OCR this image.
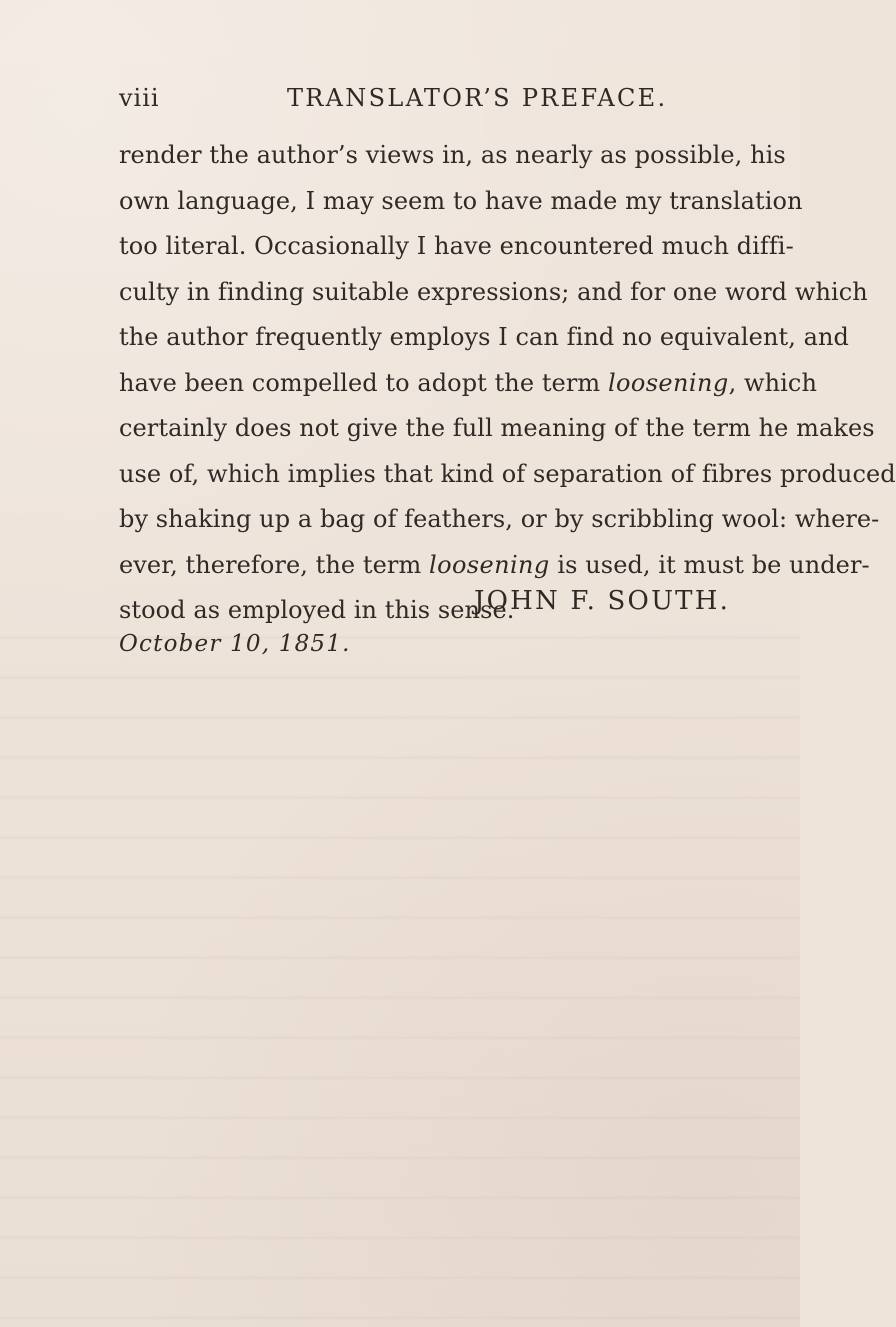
viii	TRANSLATOR’S PREFACE.
render the author’s views in, as nearly as possible, his
own language, I may seem to have made my translation
too literal. Occasionally I have encountered much diffi-
culty in finding suitable expressions; and for one word which
the author frequently employs I can find no equivalent, and
have been compelled to adopt the term loosening, which
certainly does not give the full meaning of the term he makes
use of, which implies that kind of separation of fibres produced
by shaking up a bag of feathers, or by scribbling wool: where-
ever, therefore, the term loosening is used, it must be under-
stood as employed in this sense.
JOHN F. SOUTH.
October 10, 1851.
